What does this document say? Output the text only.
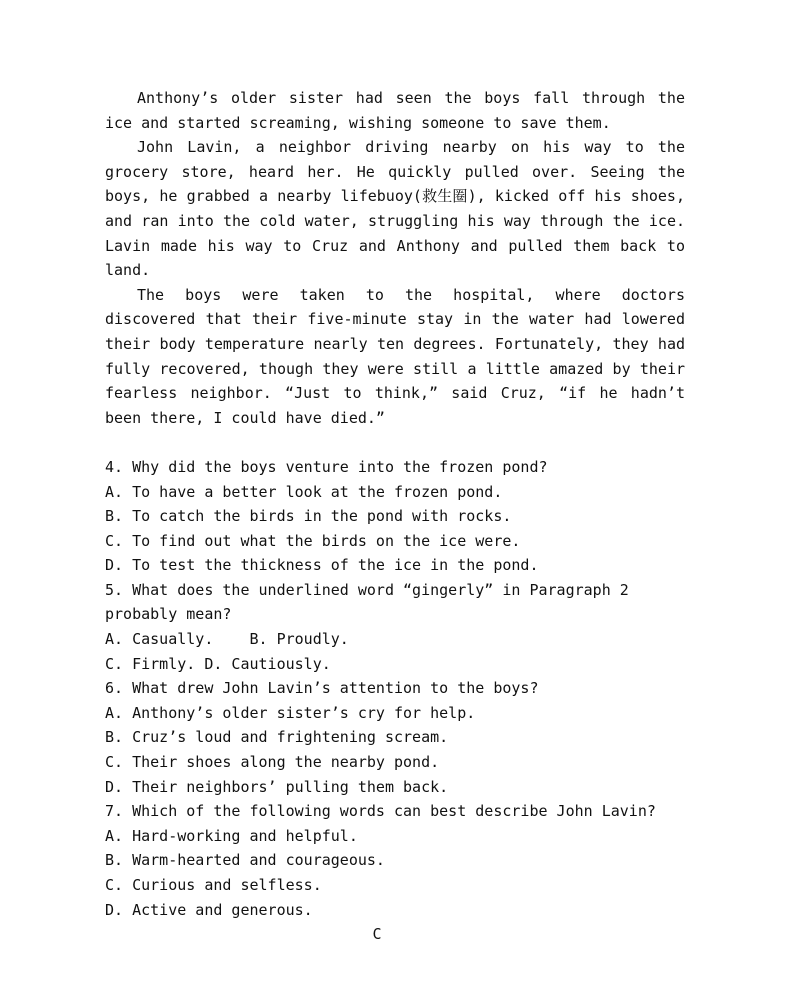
Anthony’s older sister had seen the boys fall through the ice and started screaming, wishing someone to save them.

John Lavin, a neighbor driving nearby on his way to the grocery store, heard her. He quickly pulled over. Seeing the boys, he grabbed a nearby lifebuoy(救生圈), kicked off his shoes, and ran into the cold water, struggling his way through the ice. Lavin made his way to Cruz and Anthony and pulled them back to land.

The boys were taken to the hospital, where doctors discovered that their five-minute stay in the water had lowered their body temperature nearly ten degrees. Fortunately, they had fully recovered, though they were still a little amazed by their fearless neighbor. “Just to think,” said Cruz, “if he hadn’t been there, I could have died.”

4. Why did the boys venture into the frozen pond?

A. To have a better look at the frozen pond.

B. To catch the birds in the pond with rocks.

C. To find out what the birds on the ice were.

D. To test the thickness of the ice in the pond.

5. What does the underlined word “gingerly” in Paragraph 2 probably mean?

A. Casually.    B. Proudly.

C. Firmly. D. Cautiously.

6. What drew John Lavin’s attention to the boys?

A. Anthony’s older sister’s cry for help.

B. Cruz’s loud and frightening scream.

C. Their shoes along the nearby pond.

D. Their neighbors’ pulling them back.

7. Which of the following words can best describe John Lavin?

A. Hard-working and helpful.

B. Warm-hearted and courageous.

C. Curious and selfless.

D. Active and generous.

C
